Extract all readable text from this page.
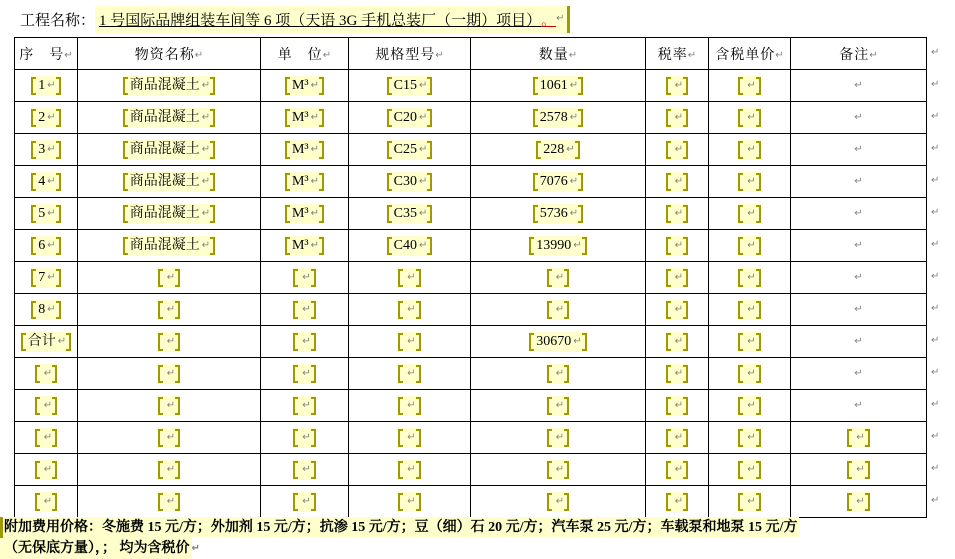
工程名称： 1 号国际品牌组装车间等 6 项（天语 3G 手机总装厂（一期）项目） 。 ↵
序　号↵	物资名称↵	单　位↵	规格型号↵	数量↵	税率↵	含税单价↵	备注↵

1 ↵	商品混凝土 ↵	M³ ↵	C15 ↵	1061 ↵	↵	↵	↵

2 ↵	商品混凝土 ↵	M³ ↵	C20 ↵	2578 ↵	↵	↵	↵

3 ↵	商品混凝土 ↵	M³ ↵	C25 ↵	228 ↵	↵	↵	↵

4 ↵	商品混凝土 ↵	M³ ↵	C30 ↵	7076 ↵	↵	↵	↵

5 ↵	商品混凝土 ↵	M³ ↵	C35 ↵	5736 ↵	↵	↵	↵

6 ↵	商品混凝土 ↵	M³ ↵	C40 ↵	13990 ↵	↵	↵	↵

7 ↵	↵	↵	↵	↵	↵	↵	↵

8 ↵	↵	↵	↵	↵	↵	↵	↵

合计 ↵	↵	↵	↵	30670 ↵	↵	↵	↵

↵	↵	↵	↵	↵	↵	↵	↵

↵	↵	↵	↵	↵	↵	↵	↵

↵	↵	↵	↵	↵	↵	↵	↵

↵	↵	↵	↵	↵	↵	↵	↵

↵	↵	↵	↵	↵	↵	↵	↵
↵
↵
↵
↵
↵
↵
↵
↵
↵
↵
↵
↵
↵
↵
↵
附加费用价格：冬施费 15 元/方；外加剂 15 元/方；抗渗 15 元/方；豆（细）石 20 元/方；汽车泵 25 元/方；车载泵和地泵 15 元/方
（无保底方量），； 均为含税价 ↵
